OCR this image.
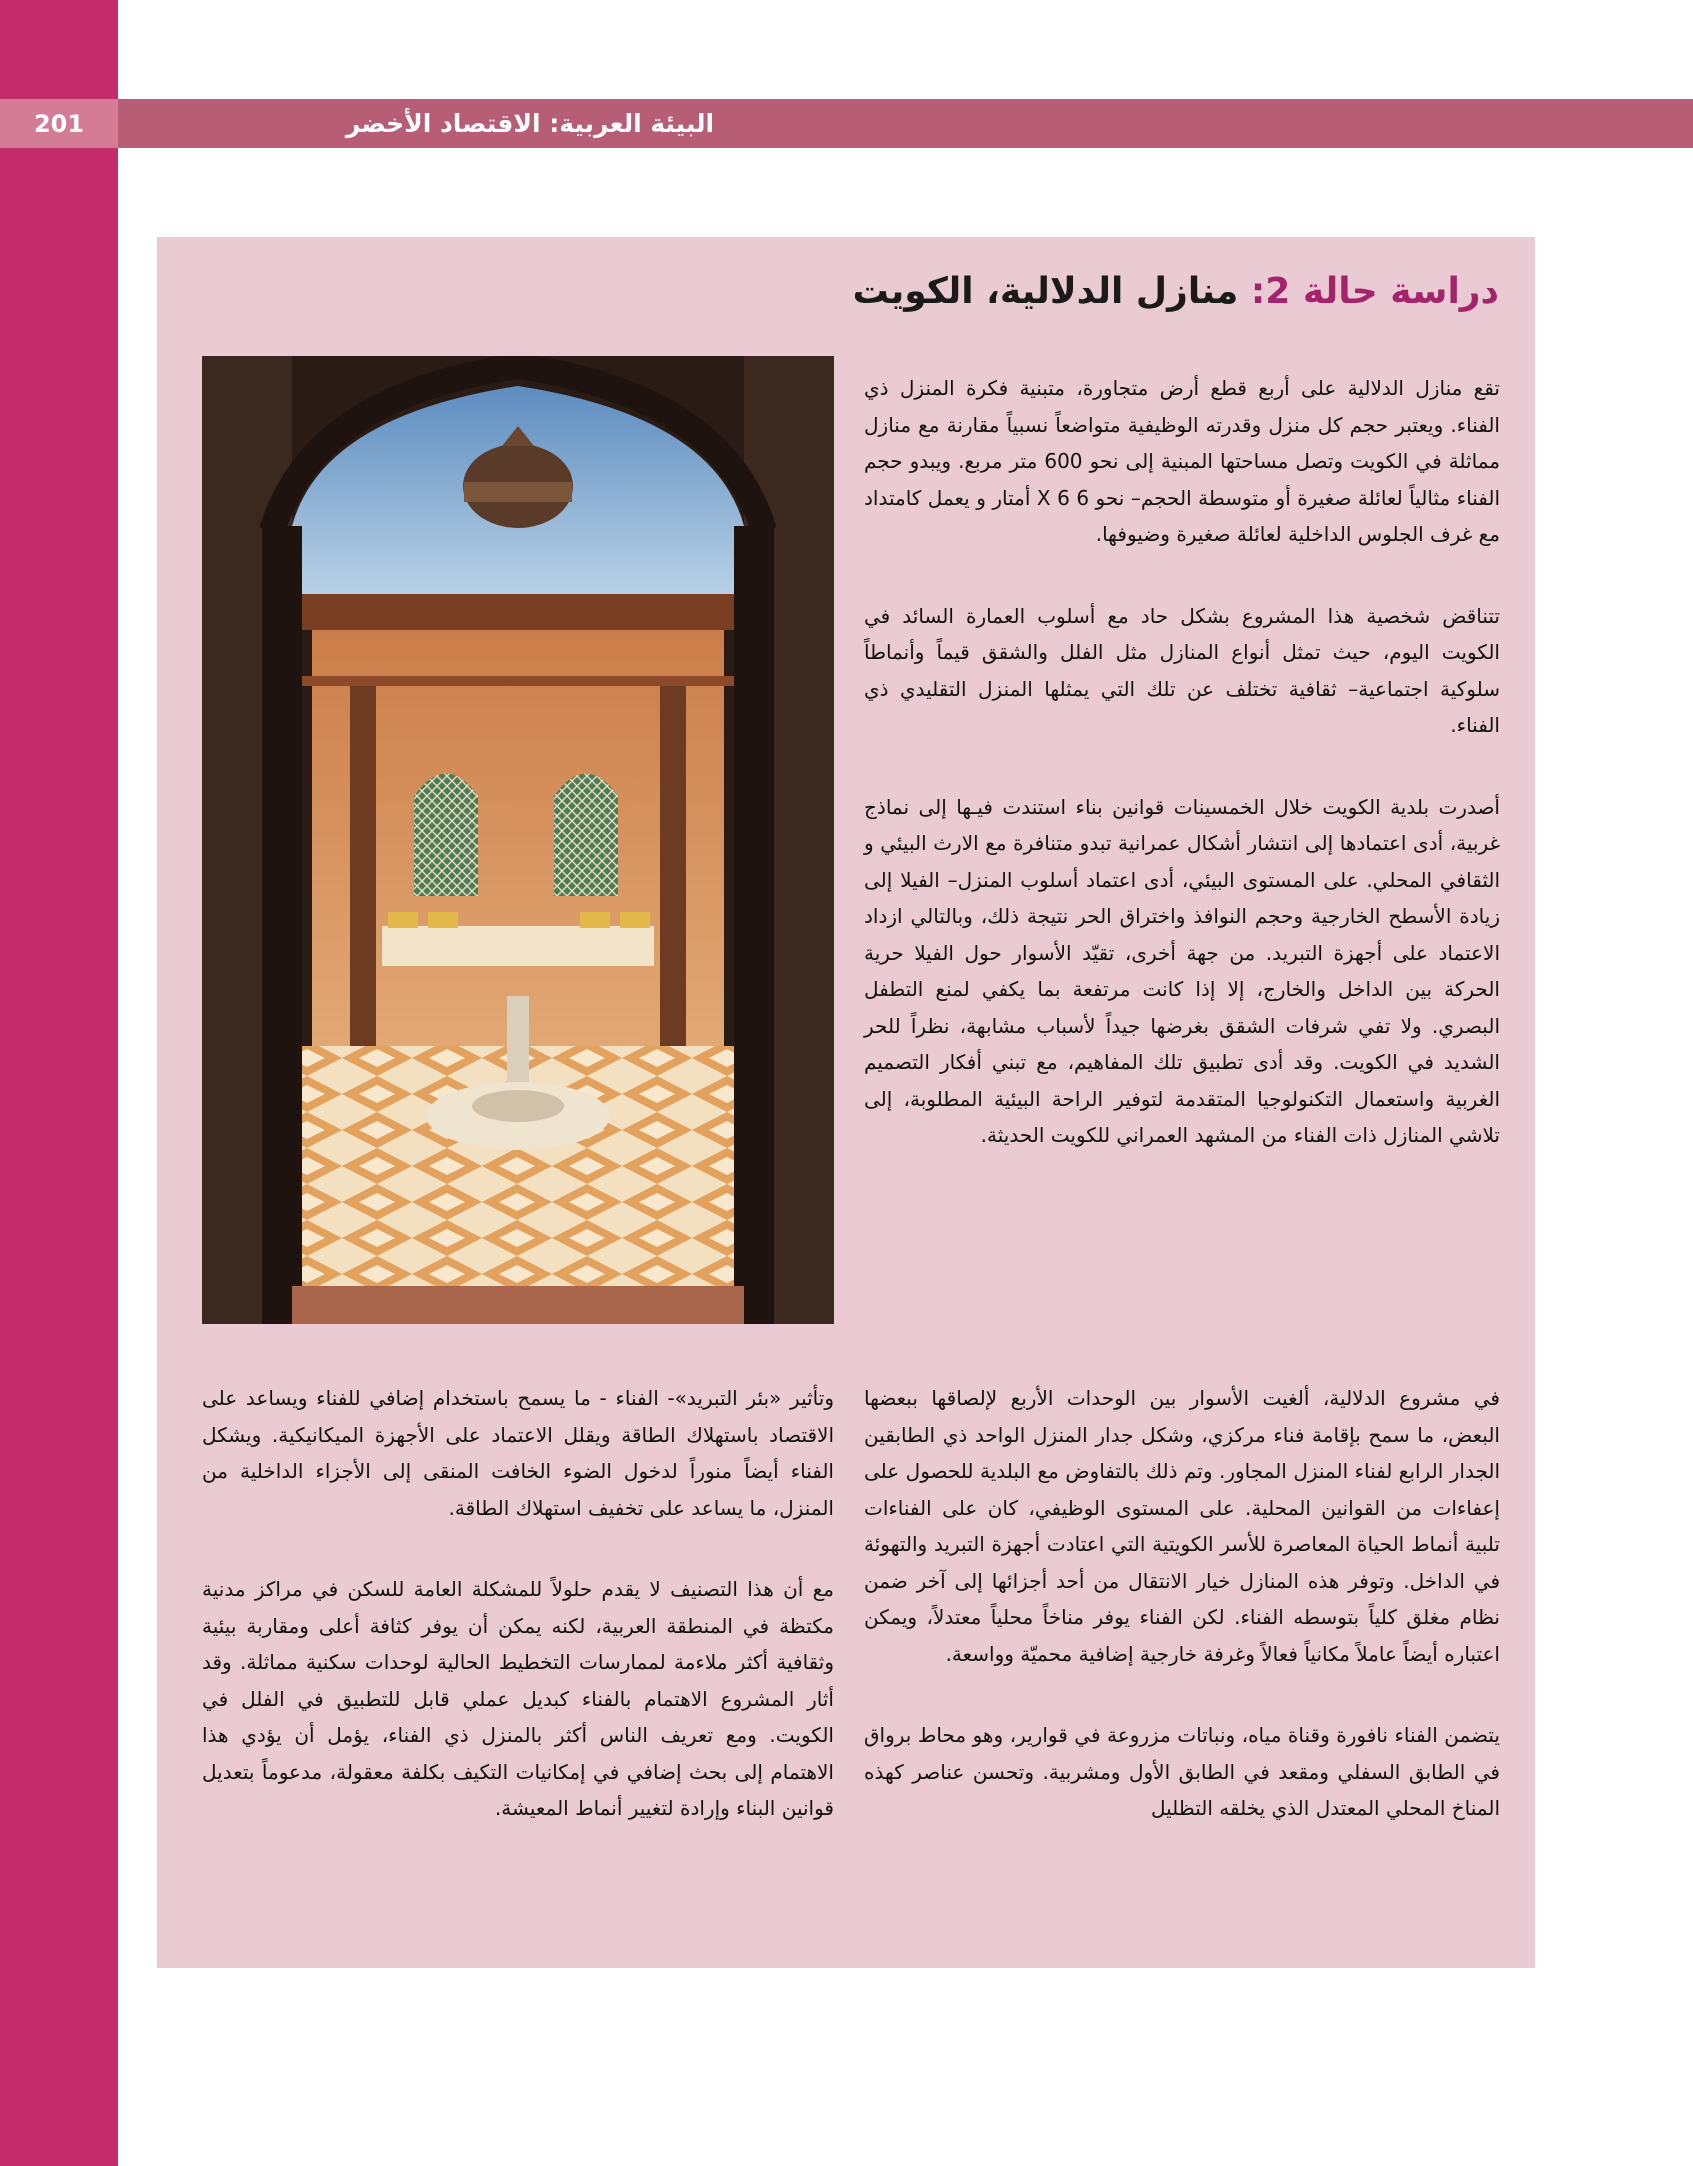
201	البيئة العربية: الاقتصاد الأخضر
دراسة حالة 2: منازل الدلالية، الكويت

تقع منازل الدلالية على أربع قطع أرض متجاورة، متبنية فكرة المنزل ذي الفناء. ويعتبر حجم كل منزل وقدرته الوظيفية متواضعاً نسبياً مقارنة مع منازل مماثلة في الكويت وتصل مساحتها المبنية إلى نحو 600 متر مربع. ويبدو حجم الفناء مثالياً لعائلة صغيرة أو متوسطة الحجم– نحو 6 X 6 أمتار و يعمل كامتداد مع غرف الجلوس الداخلية لعائلة صغيرة وضيوفها.

تتناقض شخصية هذا المشروع بشكل حاد مع أسلوب العمارة السائد في الكويت اليوم، حيث تمثل أنواع المنازل مثل الفلل والشقق قيماً وأنماطاً سلوكية اجتماعية– ثقافية تختلف عن تلك التي يمثلها المنزل التقليدي ذي الفناء.

أصدرت بلدية الكويت خلال الخمسينات قوانين بناء استندت فيـها إلى نماذج غربية، أدى اعتمادها إلى انتشار أشكال عمرانية تبدو متنافرة مع الارث البيئي و الثقافي المحلي. على المستوى البيئي، أدى اعتماد أسلوب المنزل– الفيلا إلى زيادة الأسطح الخارجية وحجم النوافذ واختراق الحر نتيجة ذلك، وبالتالي ازداد الاعتماد على أجهزة التبريد. من جهة أخرى، تقيّد الأسوار حول الفيلا حرية الحركة بين الداخل والخارج، إلا إذا كانت مرتفعة بما يكفي لمنع التطفل البصري. ولا تفي شرفات الشقق بغرضها جيداً لأسباب مشابهة، نظراً للحر الشديد في الكويت. وقد أدى تطبيق تلك المفاهيم، مع تبني أفكار التصميم الغربية واستعمال التكنولوجيا المتقدمة لتوفير الراحة البيئية المطلوبة، إلى تلاشي المنازل ذات الفناء من المشهد العمراني للكويت الحديثة.

في مشروع الدلالية، ألغيت الأسوار بين الوحدات الأربع لإلصاقها ببعضها البعض، ما سمح بإقامة فناء مركزي، وشكل جدار المنزل الواحد ذي الطابقين الجدار الرابع لفناء المنزل المجاور. وتم ذلك بالتفاوض مع البلدية للحصول على إعفاءات من القوانين المحلية. على المستوى الوظيفي، كان على الفناءات تلبية أنماط الحياة المعاصرة للأسر الكويتية التي اعتادت أجهزة التبريد والتهوئة في الداخل. وتوفر هذه المنازل خيار الانتقال من أحد أجزائها إلى آخر ضمن نظام مغلق كلياً بتوسطه الفناء. لكن الفناء يوفر مناخاً محلياً معتدلاً، ويمكن اعتباره أيضاً عاملاً مكانياً فعالاً وغرفة خارجية إضافية محميّة وواسعة.

يتضمن الفناء نافورة وقناة مياه، ونباتات مزروعة في قوارير، وهو محاط برواق في الطابق السفلي ومقعد في الطابق الأول ومشربية. وتحسن عناصر كهذه المناخ المحلي المعتدل الذي يخلقه التظليل

وتأثير «بئر التبريد»- الفناء - ما يسمح باستخدام إضافي للفناء ويساعد على الاقتصاد باستهلاك الطاقة ويقلل الاعتماد على الأجهزة الميكانيكية. ويشكل الفناء أيضاً منوراً لدخول الضوء الخافت المنقى إلى الأجزاء الداخلية من المنزل، ما يساعد على تخفيف استهلاك الطاقة.

مع أن هذا التصنيف لا يقدم حلولاً للمشكلة العامة للسكن في مراكز مدنية مكتظة في المنطقة العربية، لكنه يمكن أن يوفر كثافة أعلى ومقاربة بيئية وثقافية أكثر ملاءمة لممارسات التخطيط الحالية لوحدات سكنية مماثلة. وقد أثار المشروع الاهتمام بالفناء كبديل عملي قابل للتطبيق في الفلل في الكويت. ومع تعريف الناس أكثر بالمنزل ذي الفناء، يؤمل أن يؤدي هذا الاهتمام إلى بحث إضافي في إمكانيات التكيف بكلفة معقولة، مدعوماً بتعديل قوانين البناء وإرادة لتغيير أنماط المعيشة.
